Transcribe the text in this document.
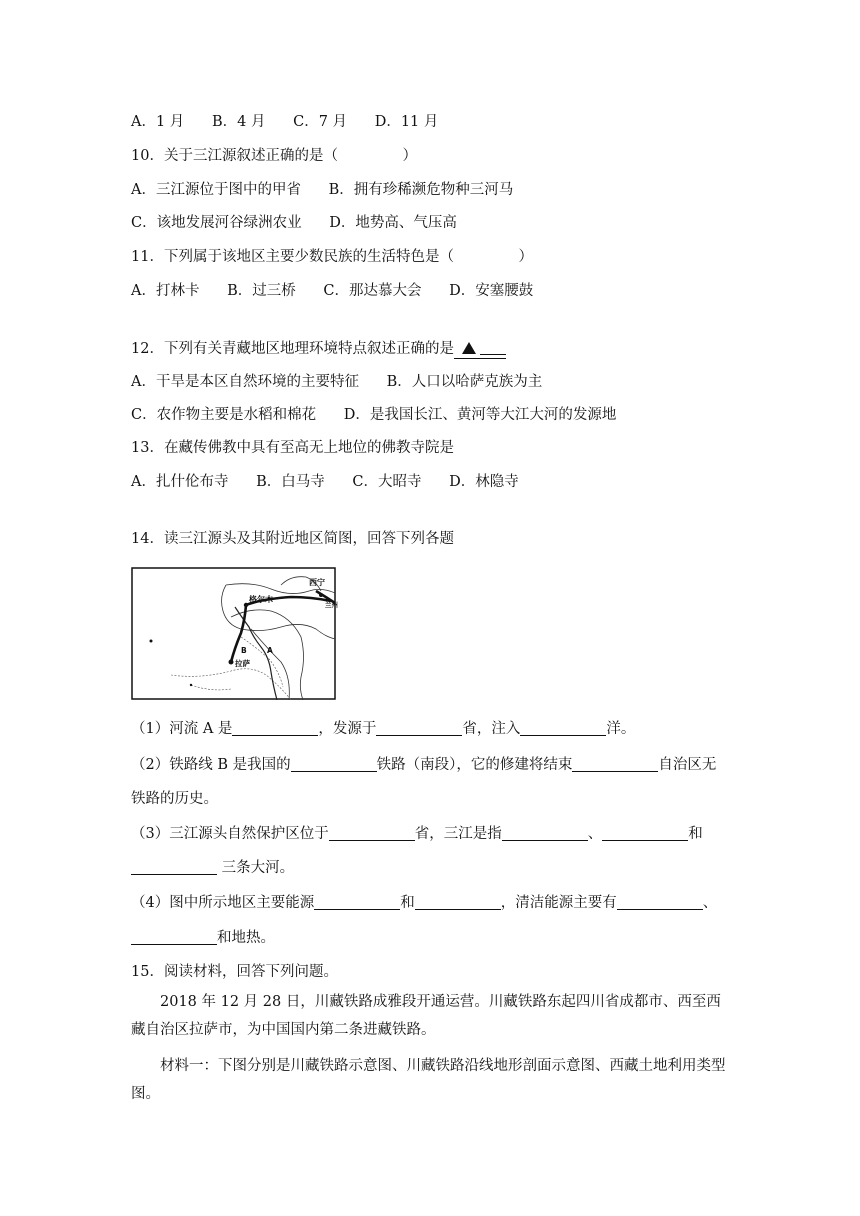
A．1 月      B．4 月      C．7 月      D．11 月
10．关于三江源叙述正确的是（              ）
A．三江源位于图中的甲省      B．拥有珍稀濒危物种三河马
C．该地发展河谷绿洲农业      D．地势高、气压高
11．下列属于该地区主要少数民族的生活特色是（              ）
A．打林卡      B．过三桥      C．那达慕大会      D．安塞腰鼓
12．下列有关青藏地区地理环境特点叙述正确的是
A．干旱是本区自然环境的主要特征      B．人口以哈萨克族为主
C．农作物主要是水稻和棉花      D．是我国长江、黄河等大江大河的发源地
13．在藏传佛教中具有至高无上地位的佛教寺院是
A．扎什伦布寺      B．白马寺      C．大昭寺      D．林隐寺
14．读三江源头及其附近地区简图，回答下列各题
西宁
兰州
格尔木
B	A
拉萨
（1）河流 A 是	，发源于	省，注入	洋。
（2）铁路线 B 是我国的	铁路（南段），它的修建将结束	自治区无
铁路的历史。
（3）三江源头自然保护区位于	省，三江是指	、	和
三条大河。
（4）图中所示地区主要能源	和	，清洁能源主要有	、
和地热。
15．阅读材料，回答下列问题。
2018 年 12 月 28 日，川藏铁路成雅段开通运营。川藏铁路东起四川省成都市、西至西藏自治区拉萨市，为中国国内第二条进藏铁路。
材料一：下图分别是川藏铁路示意图、川藏铁路沿线地形剖面示意图、西藏土地利用类型图。
